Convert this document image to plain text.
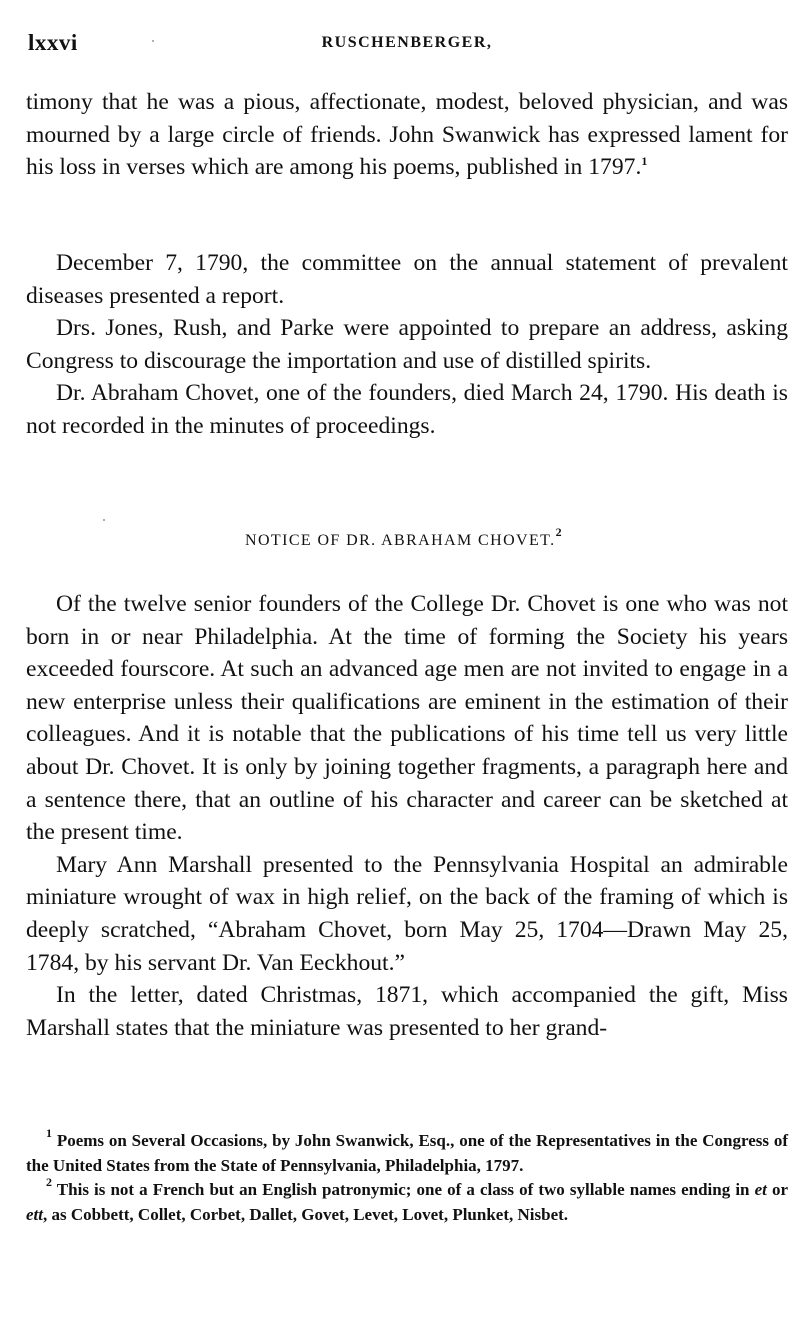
lxxvi	RUSCHENBERGER,

timony that he was a pious, affectionate, modest, beloved physician, and was mourned by a large circle of friends. John Swanwick has expressed lament for his loss in verses which are among his poems, published in 1797.$^1$

December 7, 1790, the committee on the annual statement of prevalent diseases presented a report.

Drs. Jones, Rush, and Parke were appointed to prepare an address, asking Congress to discourage the importation and use of distilled spirits.

Dr. Abraham Chovet, one of the founders, died March 24, 1790. His death is not recorded in the minutes of proceedings.

NOTICE OF DR. ABRAHAM CHOVET.$^2$

Of the twelve senior founders of the College Dr. Chovet is one who was not born in or near Philadelphia. At the time of forming the Society his years exceeded fourscore. At such an advanced age men are not invited to engage in a new enterprise unless their qualifications are eminent in the estimation of their colleagues. And it is notable that the publications of his time tell us very little about Dr. Chovet. It is only by joining together fragments, a paragraph here and a sentence there, that an outline of his character and career can be sketched at the present time.

Mary Ann Marshall presented to the Pennsylvania Hospital an admirable miniature wrought of wax in high relief, on the back of the framing of which is deeply scratched, “Abraham Chovet, born May 25, 1704—Drawn May 25, 1784, by his servant Dr. Van Eeckhout.”

In the letter, dated Christmas, 1871, which accompanied the gift, Miss Marshall states that the miniature was presented to her grand-

$^1$ Poems on Several Occasions, by John Swanwick, Esq., one of the Representatives in the Congress of the United States from the State of Pennsylvania, Philadelphia, 1797.

$^2$ This is not a French but an English patronymic; one of a class of two syllable names ending in et or ett, as Cobbett, Collet, Corbet, Dallet, Govet, Levet, Lovet, Plunket, Nisbet.
